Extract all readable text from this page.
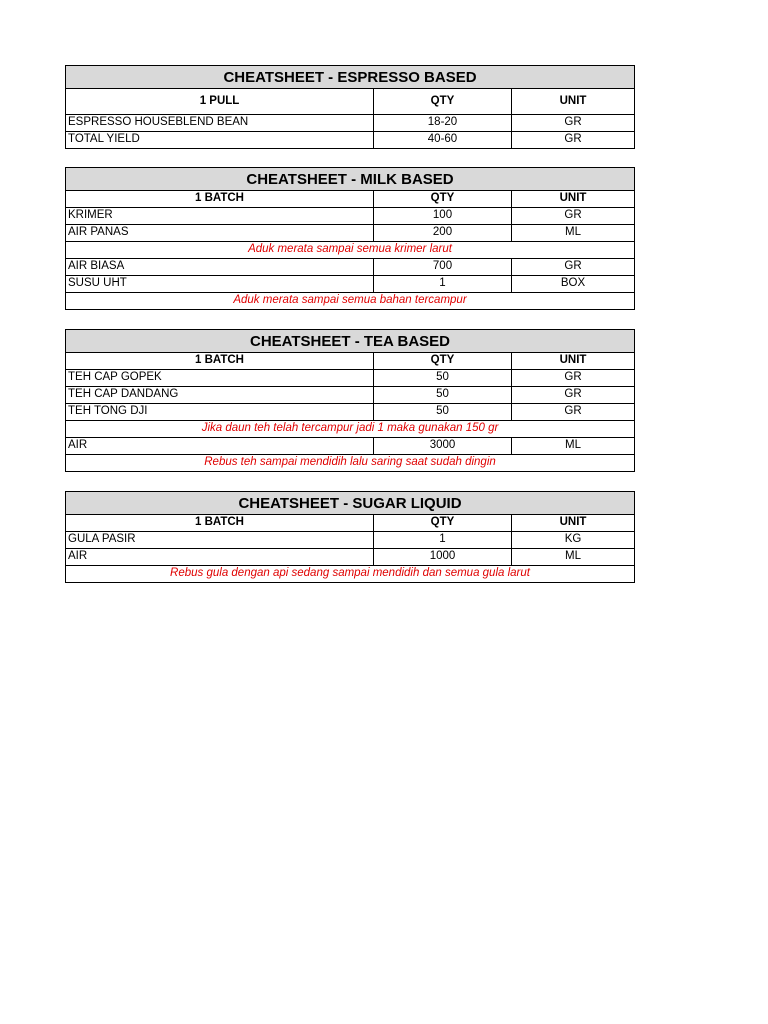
CHEATSHEET - ESPRESSO BASED		
1 PULL	QTY	UNIT
ESPRESSO HOUSEBLEND BEAN	18-20	GR
TOTAL YIELD	40-60	GR
CHEATSHEET - MILK BASED		
1 BATCH	QTY	UNIT
KRIMER	100	GR
AIR PANAS	200	ML
Aduk merata sampai semua krimer larut		
AIR BIASA	700	GR
SUSU UHT	1	BOX
Aduk merata sampai semua bahan tercampur		
CHEATSHEET - TEA BASED		
1 BATCH	QTY	UNIT
TEH CAP GOPEK	50	GR
TEH CAP DANDANG	50	GR
TEH TONG DJI	50	GR
Jika daun teh telah tercampur jadi 1 maka gunakan 150 gr		
AIR	3000	ML
Rebus teh sampai mendidih lalu saring saat sudah dingin		
CHEATSHEET - SUGAR LIQUID		
1 BATCH	QTY	UNIT
GULA PASIR	1	KG
AIR	1000	ML
Rebus gula dengan api sedang sampai mendidih dan semua gula larut		
